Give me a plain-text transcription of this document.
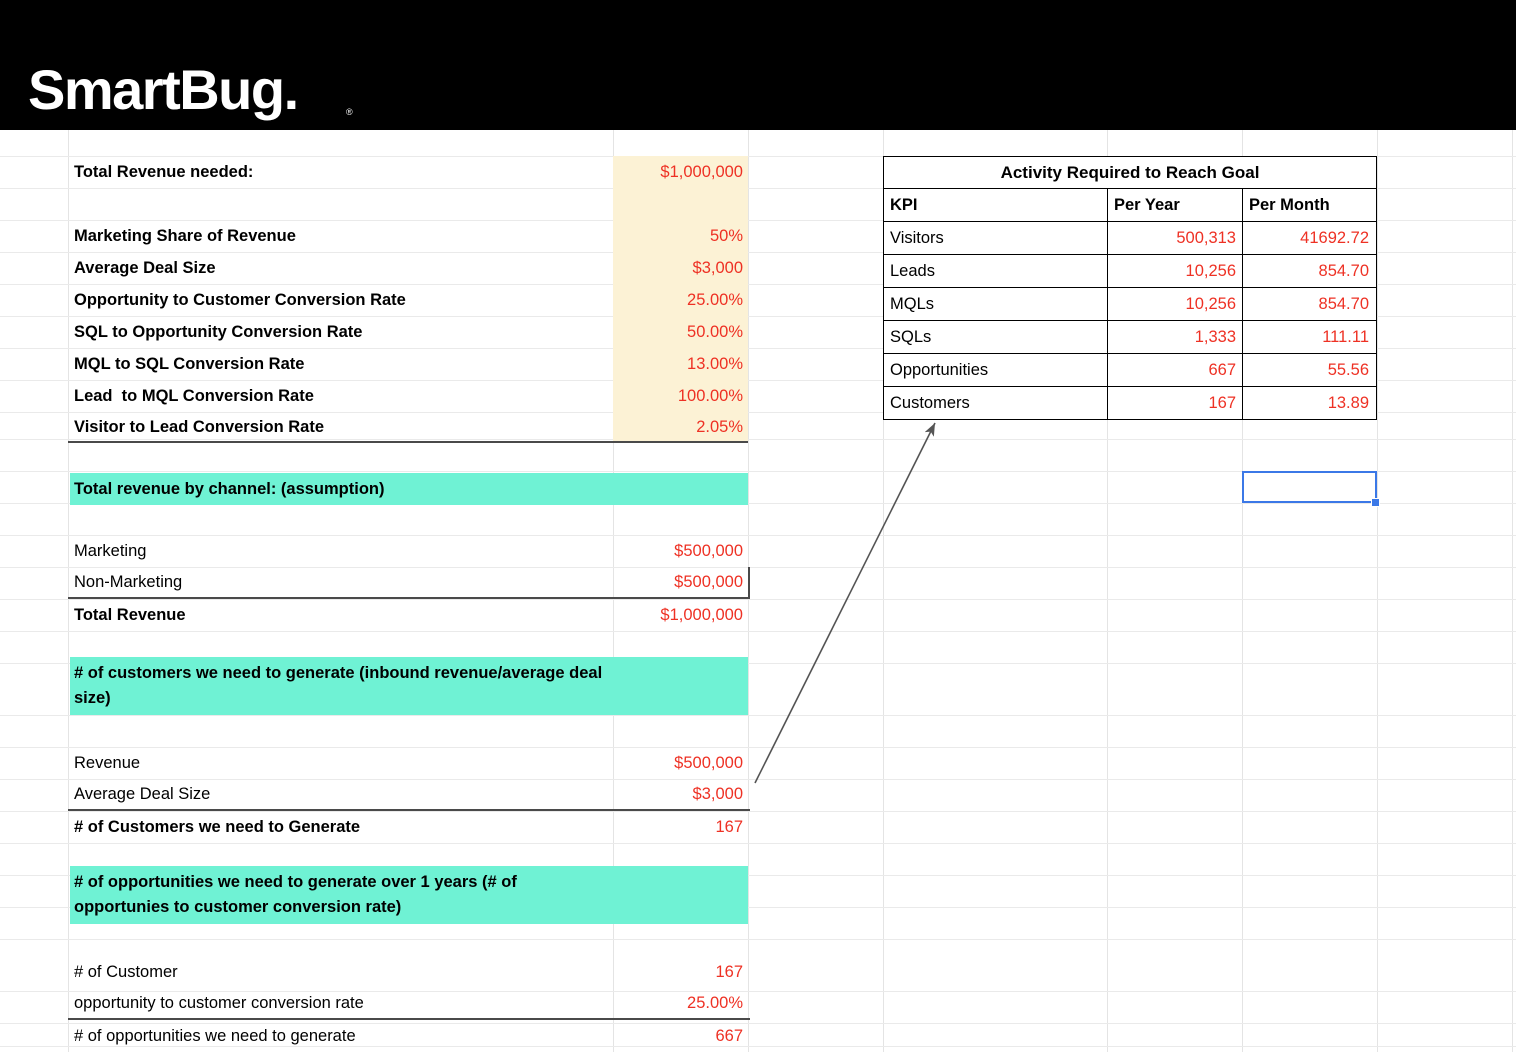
SmartBug.	®
Total Revenue needed:	$1,000,000
Marketing Share of Revenue	50%
Average Deal Size	$3,000
Opportunity to Customer Conversion Rate	25.00%
SQL to Opportunity Conversion Rate	50.00%
MQL to SQL Conversion Rate	13.00%
Lead  to MQL Conversion Rate	100.00%
Visitor to Lead Conversion Rate	2.05%
Total revenue by channel: (assumption)
Marketing	$500,000
Non-Marketing	$500,000
Total Revenue	$1,000,000
# of customers we need to generate (inbound revenue/average deal size)
Revenue	$500,000
Average Deal Size	$3,000
# of Customers we need to Generate	167
# of opportunities we need to generate over 1 years (# of opportunies to customer conversion rate)
# of Customer	167
opportunity to customer conversion rate	25.00%
# of opportunities we need to generate	667
Activity Required to Reach Goal
KPI	Per Year	Per Month
Visitors	500,313	41692.72
Leads	10,256	854.70
MQLs	10,256	854.70
SQLs	1,333	111.11
Opportunities	667	55.56
Customers	167	13.89
